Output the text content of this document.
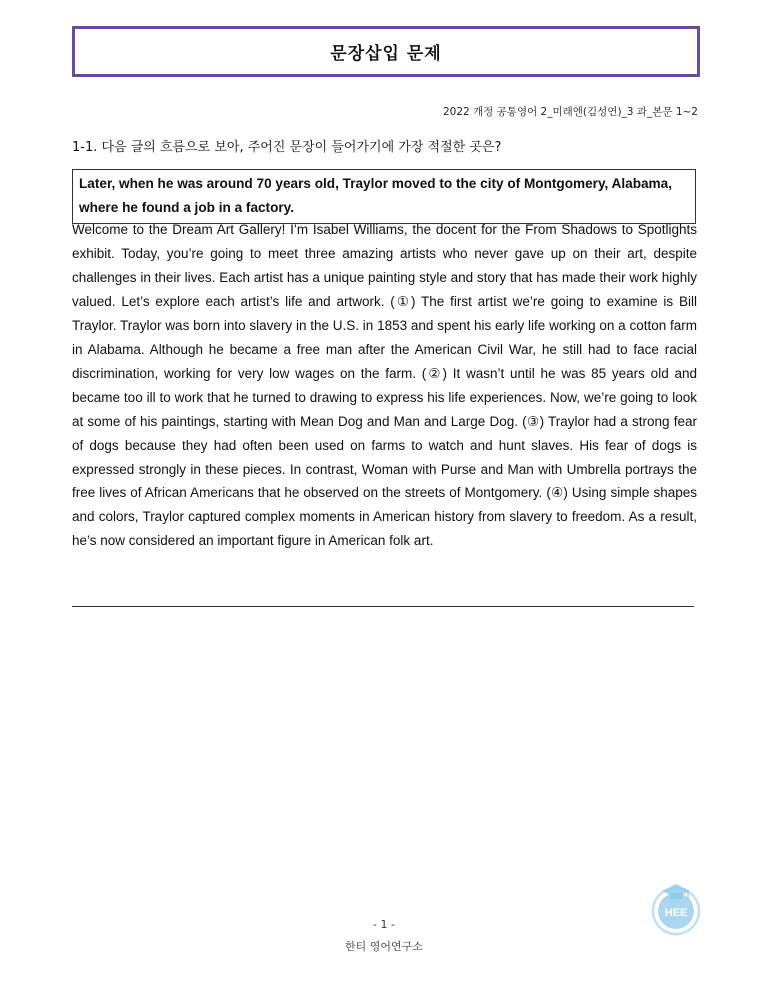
문장삽입 문제
2022 개정 공통영어 2_미래엔(김성연)_3 과_본문 1~2
1-1. 다음 글의 흐름으로 보아, 주어진 문장이 들어가기에 가장 적절한 곳은?
Later, when he was around 70 years old, Traylor moved to the city of Montgomery, Alabama, where he found a job in a factory.
Welcome to the Dream Art Gallery! I’m Isabel Williams, the docent for the From Shadows to Spotlights exhibit. Today, you’re going to meet three amazing artists who never gave up on their art, despite challenges in their lives. Each artist has a unique painting style and story that has made their work highly valued. Let’s explore each artist’s life and artwork. (①) The first artist we’re going to examine is Bill Traylor. Traylor was born into slavery in the U.S. in 1853 and spent his early life working on a cotton farm in Alabama. Although he became a free man after the American Civil War, he still had to face racial discrimination, working for very low wages on the farm. (②) It wasn’t until he was 85 years old and became too ill to work that he turned to drawing to express his life experiences. Now, we’re going to look at some of his paintings, starting with Mean Dog and Man and Large Dog. (③) Traylor had a strong fear of dogs because they had often been used on farms to watch and hunt slaves. His fear of dogs is expressed strongly in these pieces. In contrast, Woman with Purse and Man with Umbrella portrays the free lives of African Americans that he observed on the streets of Montgomery. (④) Using simple shapes and colors, Traylor captured complex moments in American history from slavery to freedom. As a result, he’s now considered an important figure in American folk art.
- 1 -
한티 영어연구소
HEE
